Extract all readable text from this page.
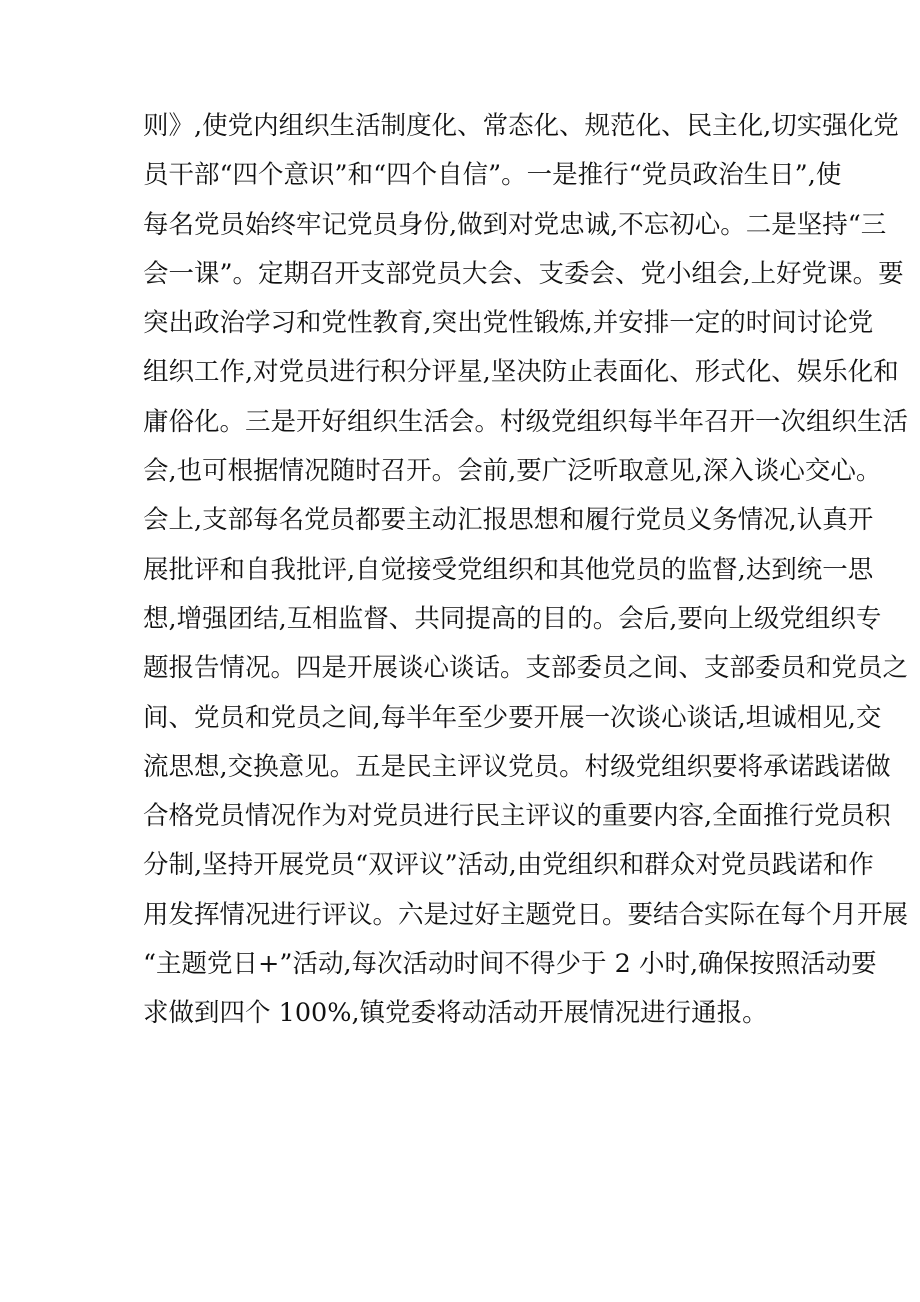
则》,使党内组织生活制度化、常态化、规范化、民主化,切实强化党
员干部“四个意识”和“四个自信”。一是推行“党员政治生日”,使
每名党员始终牢记党员身份,做到对党忠诚,不忘初心。二是坚持“三
会一课”。定期召开支部党员大会、支委会、党小组会,上好党课。要
突出政治学习和党性教育,突出党性锻炼,并安排一定的时间讨论党
组织工作,对党员进行积分评星,坚决防止表面化、形式化、娱乐化和
庸俗化。三是开好组织生活会。村级党组织每半年召开一次组织生活
会,也可根据情况随时召开。会前,要广泛听取意见,深入谈心交心。
会上,支部每名党员都要主动汇报思想和履行党员义务情况,认真开
展批评和自我批评,自觉接受党组织和其他党员的监督,达到统一思
想,增强团结,互相监督、共同提高的目的。会后,要向上级党组织专
题报告情况。四是开展谈心谈话。支部委员之间、支部委员和党员之
间、党员和党员之间,每半年至少要开展一次谈心谈话,坦诚相见,交
流思想,交换意见。五是民主评议党员。村级党组织要将承诺践诺做
合格党员情况作为对党员进行民主评议的重要内容,全面推行党员积
分制,坚持开展党员“双评议”活动,由党组织和群众对党员践诺和作
用发挥情况进行评议。六是过好主题党日。要结合实际在每个月开展
“主题党日+”活动,每次活动时间不得少于 2 小时,确保按照活动要
求做到四个 100%,镇党委将动活动开展情况进行通报。
